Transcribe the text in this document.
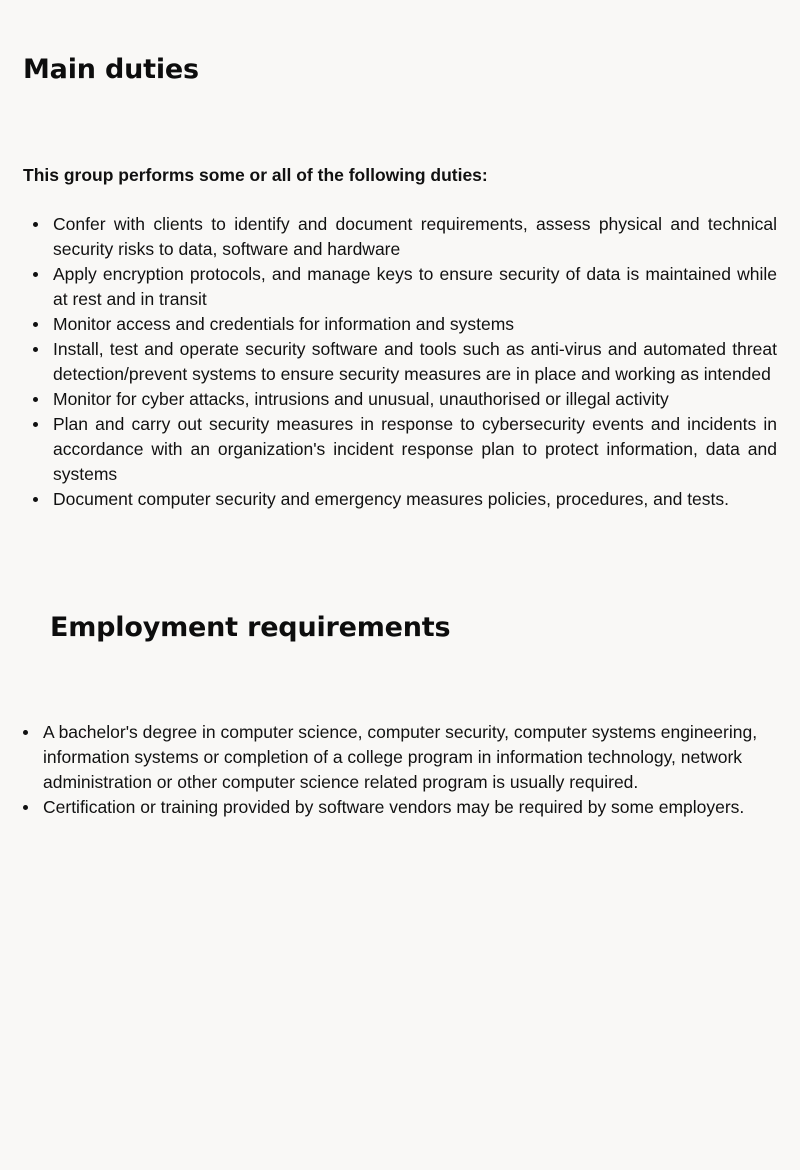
Main duties

This group performs some or all of the following duties:

Confer with clients to identify and document requirements, assess physical and technical security risks to data, software and hardware
Apply encryption protocols, and manage keys to ensure security of data is maintained while at rest and in transit
Monitor access and credentials for information and systems
Install, test and operate security software and tools such as anti-virus and automated threat detection/prevent systems to ensure security measures are in place and working as intended
Monitor for cyber attacks, intrusions and unusual, unauthorised or illegal activity
Plan and carry out security measures in response to cybersecurity events and incidents in accordance with an organization's incident response plan to protect information, data and systems
Document computer security and emergency measures policies, procedures, and tests.
Employment requirements
A bachelor's degree in computer science, computer security, computer systems engineering, information systems or completion of a college program in information technology, network administration or other computer science related program is usually required.
Certification or training provided by software vendors may be required by some employers.
